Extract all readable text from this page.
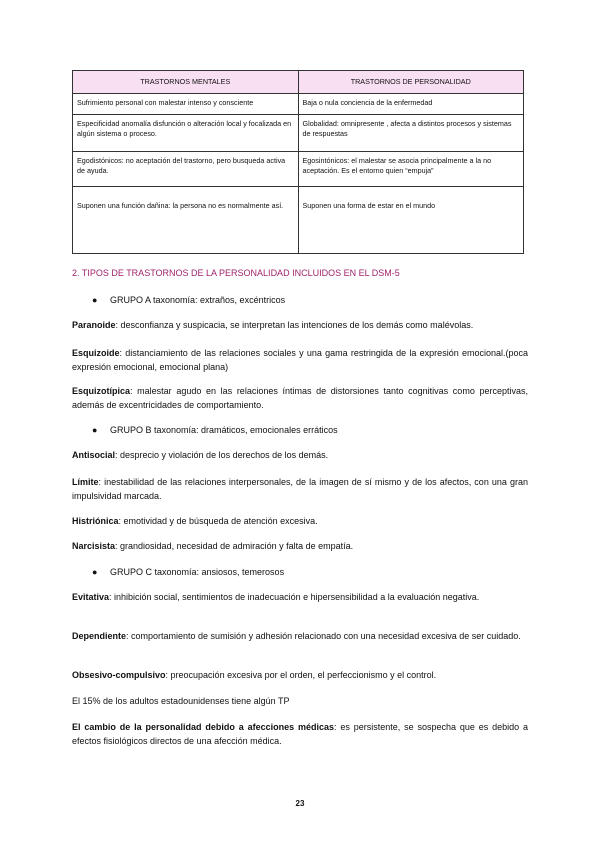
TRASTORNOS MENTALES	TRASTORNOS DE PERSONALIDAD
Sufrimiento personal con malestar intenso y consciente	Baja o nula conciencia de la enfermedad
Especificidad anomalía disfunción o alteración local y focalizada en algún sistema o proceso.	Globalidad: omnipresente , afecta a distintos procesos y sistemas de respuestas
Egodistónicos: no aceptación del trastorno, pero busqueda activa de ayuda.	Egosintónicos: el malestar se asocia principalmente a la no aceptación. Es el entorno quien “empuja”
Suponen una función dañina: la persona no es normalmente así.	Suponen una forma de estar en el mundo
2. TIPOS DE TRASTORNOS DE LA PERSONALIDAD INCLUIDOS EN EL DSM-5
● GRUPO A taxonomía: extraños, excéntricos
Paranoide: desconfianza y suspicacia, se interpretan las intenciones de los demás como malévolas.
Esquizoide: distanciamiento de las relaciones sociales y una gama restringida de la expresión emocional.(poca expresión emocional, emocional plana)
Esquizotípica: malestar agudo en las relaciones íntimas de distorsiones tanto cognitivas como perceptivas, además de excentricidades de comportamiento.
● GRUPO B taxonomía: dramáticos, emocionales erráticos
Antisocial: desprecio y violación de los derechos de los demás.
Límite: inestabilidad de las relaciones interpersonales, de la imagen de sí mismo y de los afectos, con una gran impulsividad marcada.
Histriónica: emotividad y de búsqueda de atención excesiva.
Narcisista: grandiosidad, necesidad de admiración y falta de empatía.
● GRUPO C taxonomía: ansiosos, temerosos
Evitativa: inhibición social, sentimientos de inadecuación e hipersensibilidad a la evaluación negativa.
Dependiente: comportamiento de sumisión y adhesión relacionado con una necesidad excesiva de ser cuidado.
Obsesivo-compulsivo: preocupación excesiva por el orden, el perfeccionismo y el control.
El 15% de los adultos estadounidenses tiene algún TP
El cambio de la personalidad debido a afecciones médicas: es persistente, se sospecha que es debido a efectos fisiológicos directos de una afección médica.
23
